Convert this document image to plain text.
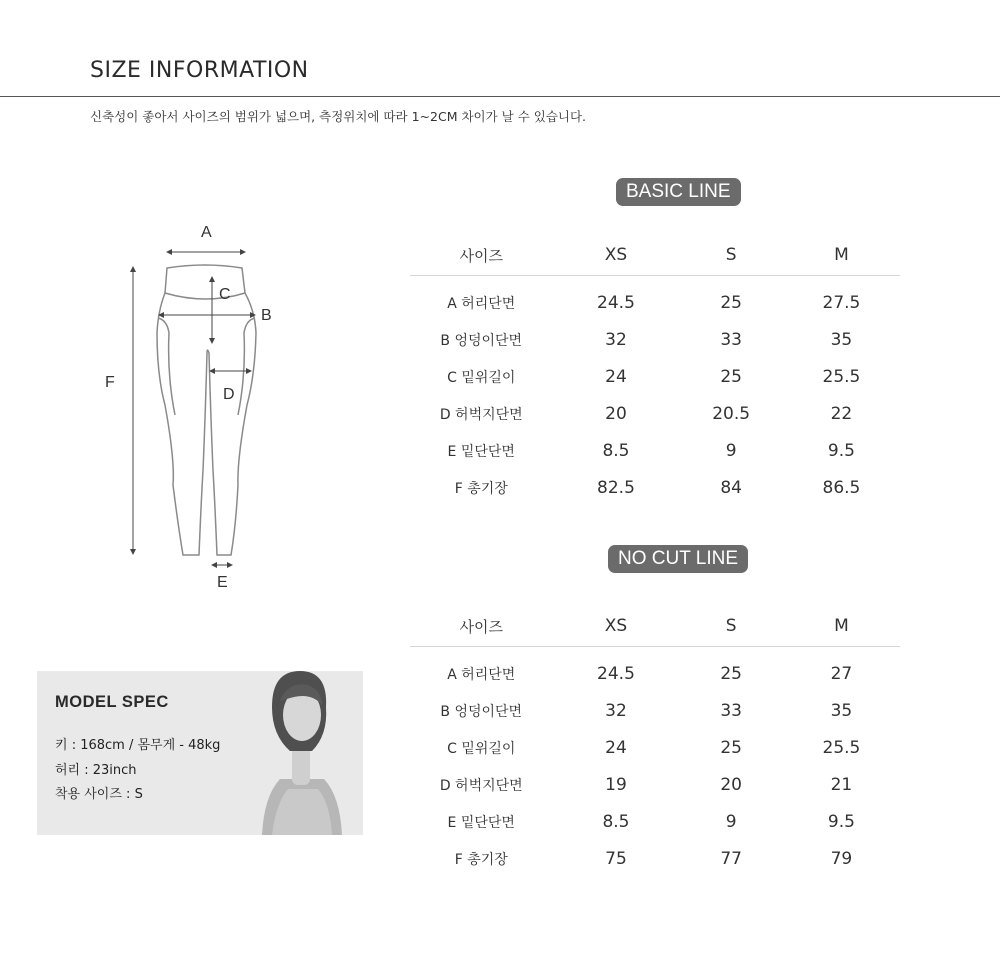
SIZE INFORMATION
신축성이 좋아서 사이즈의 범위가 넓으며, 측정위치에 따라 1~2CM 차이가 날 수 있습니다.
A
C
B
D
E
F
BASIC LINE
사이즈	XS	S	M
A 허리단면	24.5	25	27.5
B 엉덩이단면	32	33	35
C 밑위길이	24	25	25.5
D 허벅지단면	20	20.5	22
E 밑단단면	8.5	9	9.5
F 총기장	82.5	84	86.5
NO CUT LINE
사이즈	XS	S	M
A 허리단면	24.5	25	27
B 엉덩이단면	32	33	35
C 밑위길이	24	25	25.5
D 허벅지단면	19	20	21
E 밑단단면	8.5	9	9.5
F 총기장	75	77	79
MODEL SPEC
키 : 168cm / 몸무게 - 48kg
허리 : 23inch
착용 사이즈 : S
